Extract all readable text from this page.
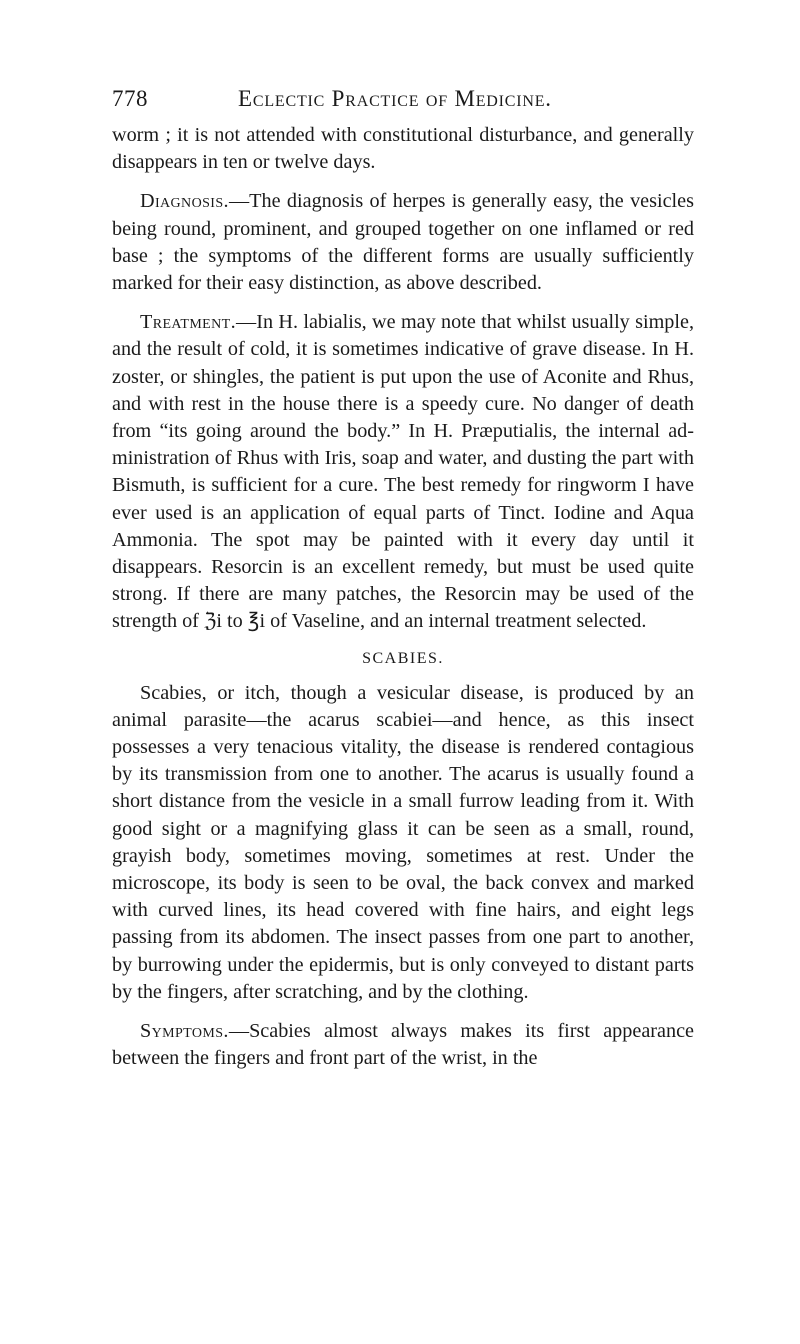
778	Eclectic Practice of Medicine.

worm ; it is not attended with constitutional disturbance, and generally disappears in ten or twelve days.

Diagnosis.—The diagnosis of herpes is generally easy, the vesicles being round, prominent, and grouped together on one inflamed or red base ; the symptoms of the different forms are usually sufficiently marked for their easy distinction, as above described.

Treatment.—In H. labialis, we may note that whilst usually simple, and the result of cold, it is sometimes indicative of grave disease. In H. zoster, or shingles, the patient is put upon the use of Aconite and Rhus, and with rest in the house there is a speedy cure. No danger of death from “its going around the body.” In H. Præputialis, the internal administration of Rhus with Iris, soap and water, and dusting the part with Bismuth, is sufficient for a cure. The best remedy for ringworm I have ever used is an application of equal parts of Tinct. Iodine and Aqua Ammonia. The spot may be painted with it every day until it disappears. Resorcin is an excellent remedy, but must be used quite strong. If there are many patches, the Resorcin may be used of the strength of ℨi to ℥i of Vaseline, and an internal treatment selected.

SCABIES.

Scabies, or itch, though a vesicular disease, is produced by an animal parasite—the acarus scabiei—and hence, as this insect possesses a very tenacious vitality, the disease is rendered contagious by its transmission from one to another. The acarus is usually found a short distance from the vesicle in a small furrow leading from it. With good sight or a magnifying glass it can be seen as a small, round, grayish body, sometimes moving, sometimes at rest. Under the microscope, its body is seen to be oval, the back convex and marked with curved lines, its head covered with fine hairs, and eight legs passing from its abdomen. The insect passes from one part to another, by burrowing under the epidermis, but is only conveyed to distant parts by the fingers, after scratching, and by the clothing.

Symptoms.—Scabies almost always makes its first appearance between the fingers and front part of the wrist, in the
